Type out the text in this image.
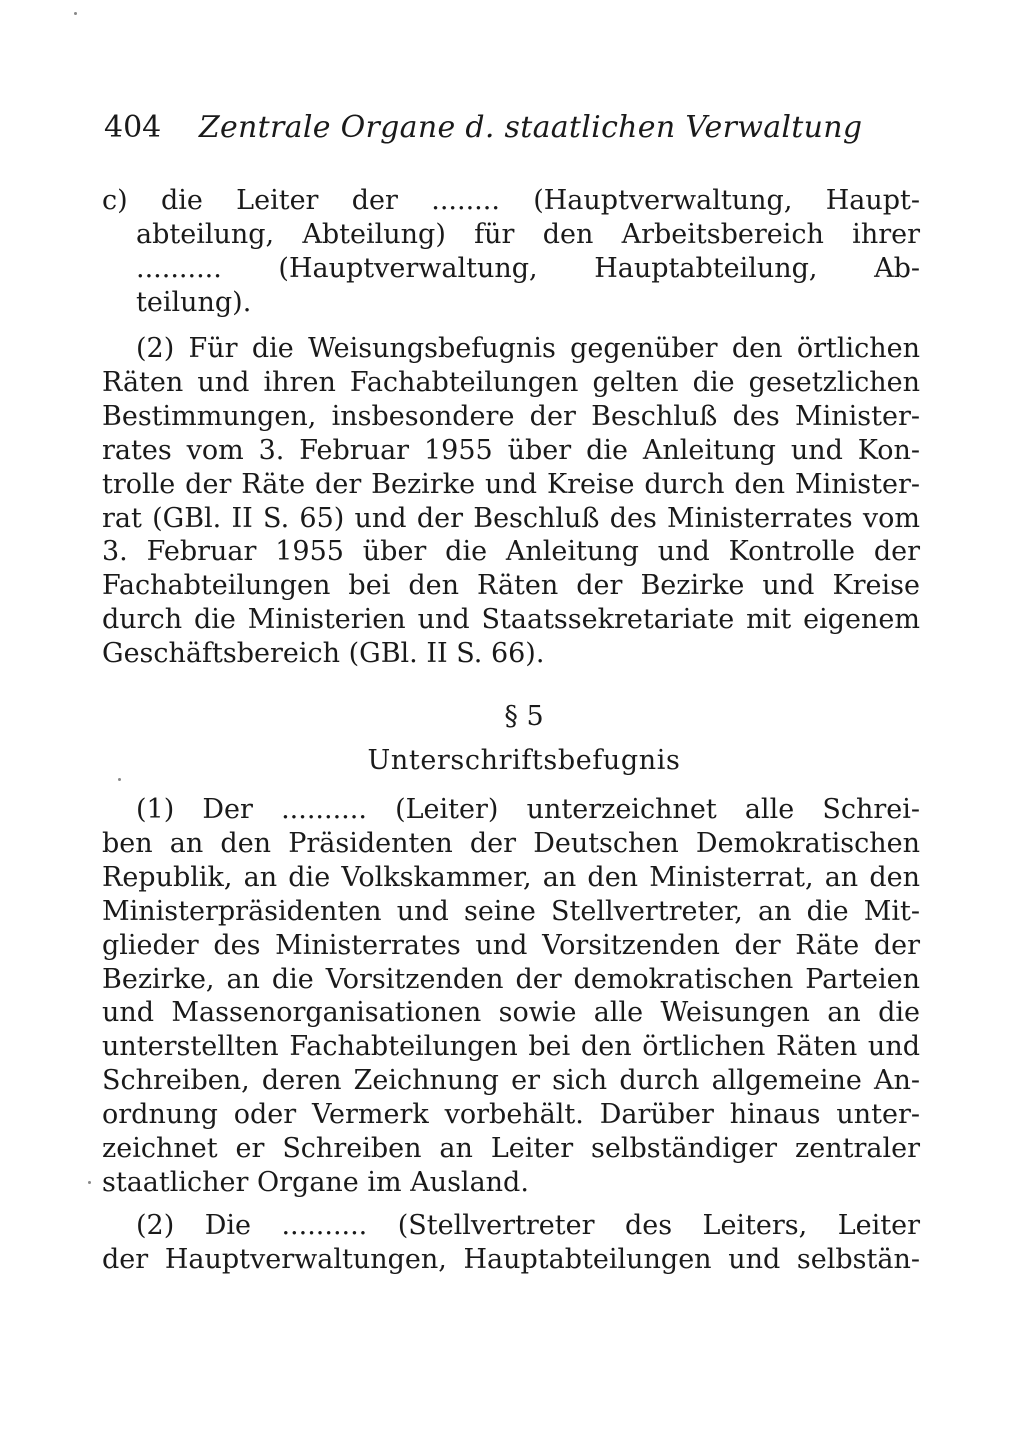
404 Zentrale Organe d. staatlichen Verwaltung
c) die Leiter der ........ (Hauptverwaltung, Haupt-
abteilung, Abteilung) für den Arbeitsbereich ihrer
.......... (Hauptverwaltung, Hauptabteilung, Ab-
teilung).
(2) Für die Weisungsbefugnis gegenüber den örtlichen
Räten und ihren Fachabteilungen gelten die gesetzlichen
Bestimmungen, insbesondere der Beschluß des Minister-
rates vom 3. Februar 1955 über die Anleitung und Kon-
trolle der Räte der Bezirke und Kreise durch den Minister-
rat (GBl. II S. 65) und der Beschluß des Ministerrates vom
3. Februar 1955 über die Anleitung und Kontrolle der
Fachabteilungen bei den Räten der Bezirke und Kreise
durch die Ministerien und Staatssekretariate mit eigenem
Geschäftsbereich (GBl. II S. 66).
§ 5
Unterschriftsbefugnis
(1) Der .......... (Leiter) unterzeichnet alle Schrei-
ben an den Präsidenten der Deutschen Demokratischen
Republik, an die Volkskammer, an den Ministerrat, an den
Ministerpräsidenten und seine Stellvertreter, an die Mit-
glieder des Ministerrates und Vorsitzenden der Räte der
Bezirke, an die Vorsitzenden der demokratischen Parteien
und Massenorganisationen sowie alle Weisungen an die
unterstellten Fachabteilungen bei den örtlichen Räten und
Schreiben, deren Zeichnung er sich durch allgemeine An-
ordnung oder Vermerk vorbehält. Darüber hinaus unter-
zeichnet er Schreiben an Leiter selbständiger zentraler
staatlicher Organe im Ausland.
(2) Die .......... (Stellvertreter des Leiters, Leiter
der Hauptverwaltungen, Hauptabteilungen und selbstän-
